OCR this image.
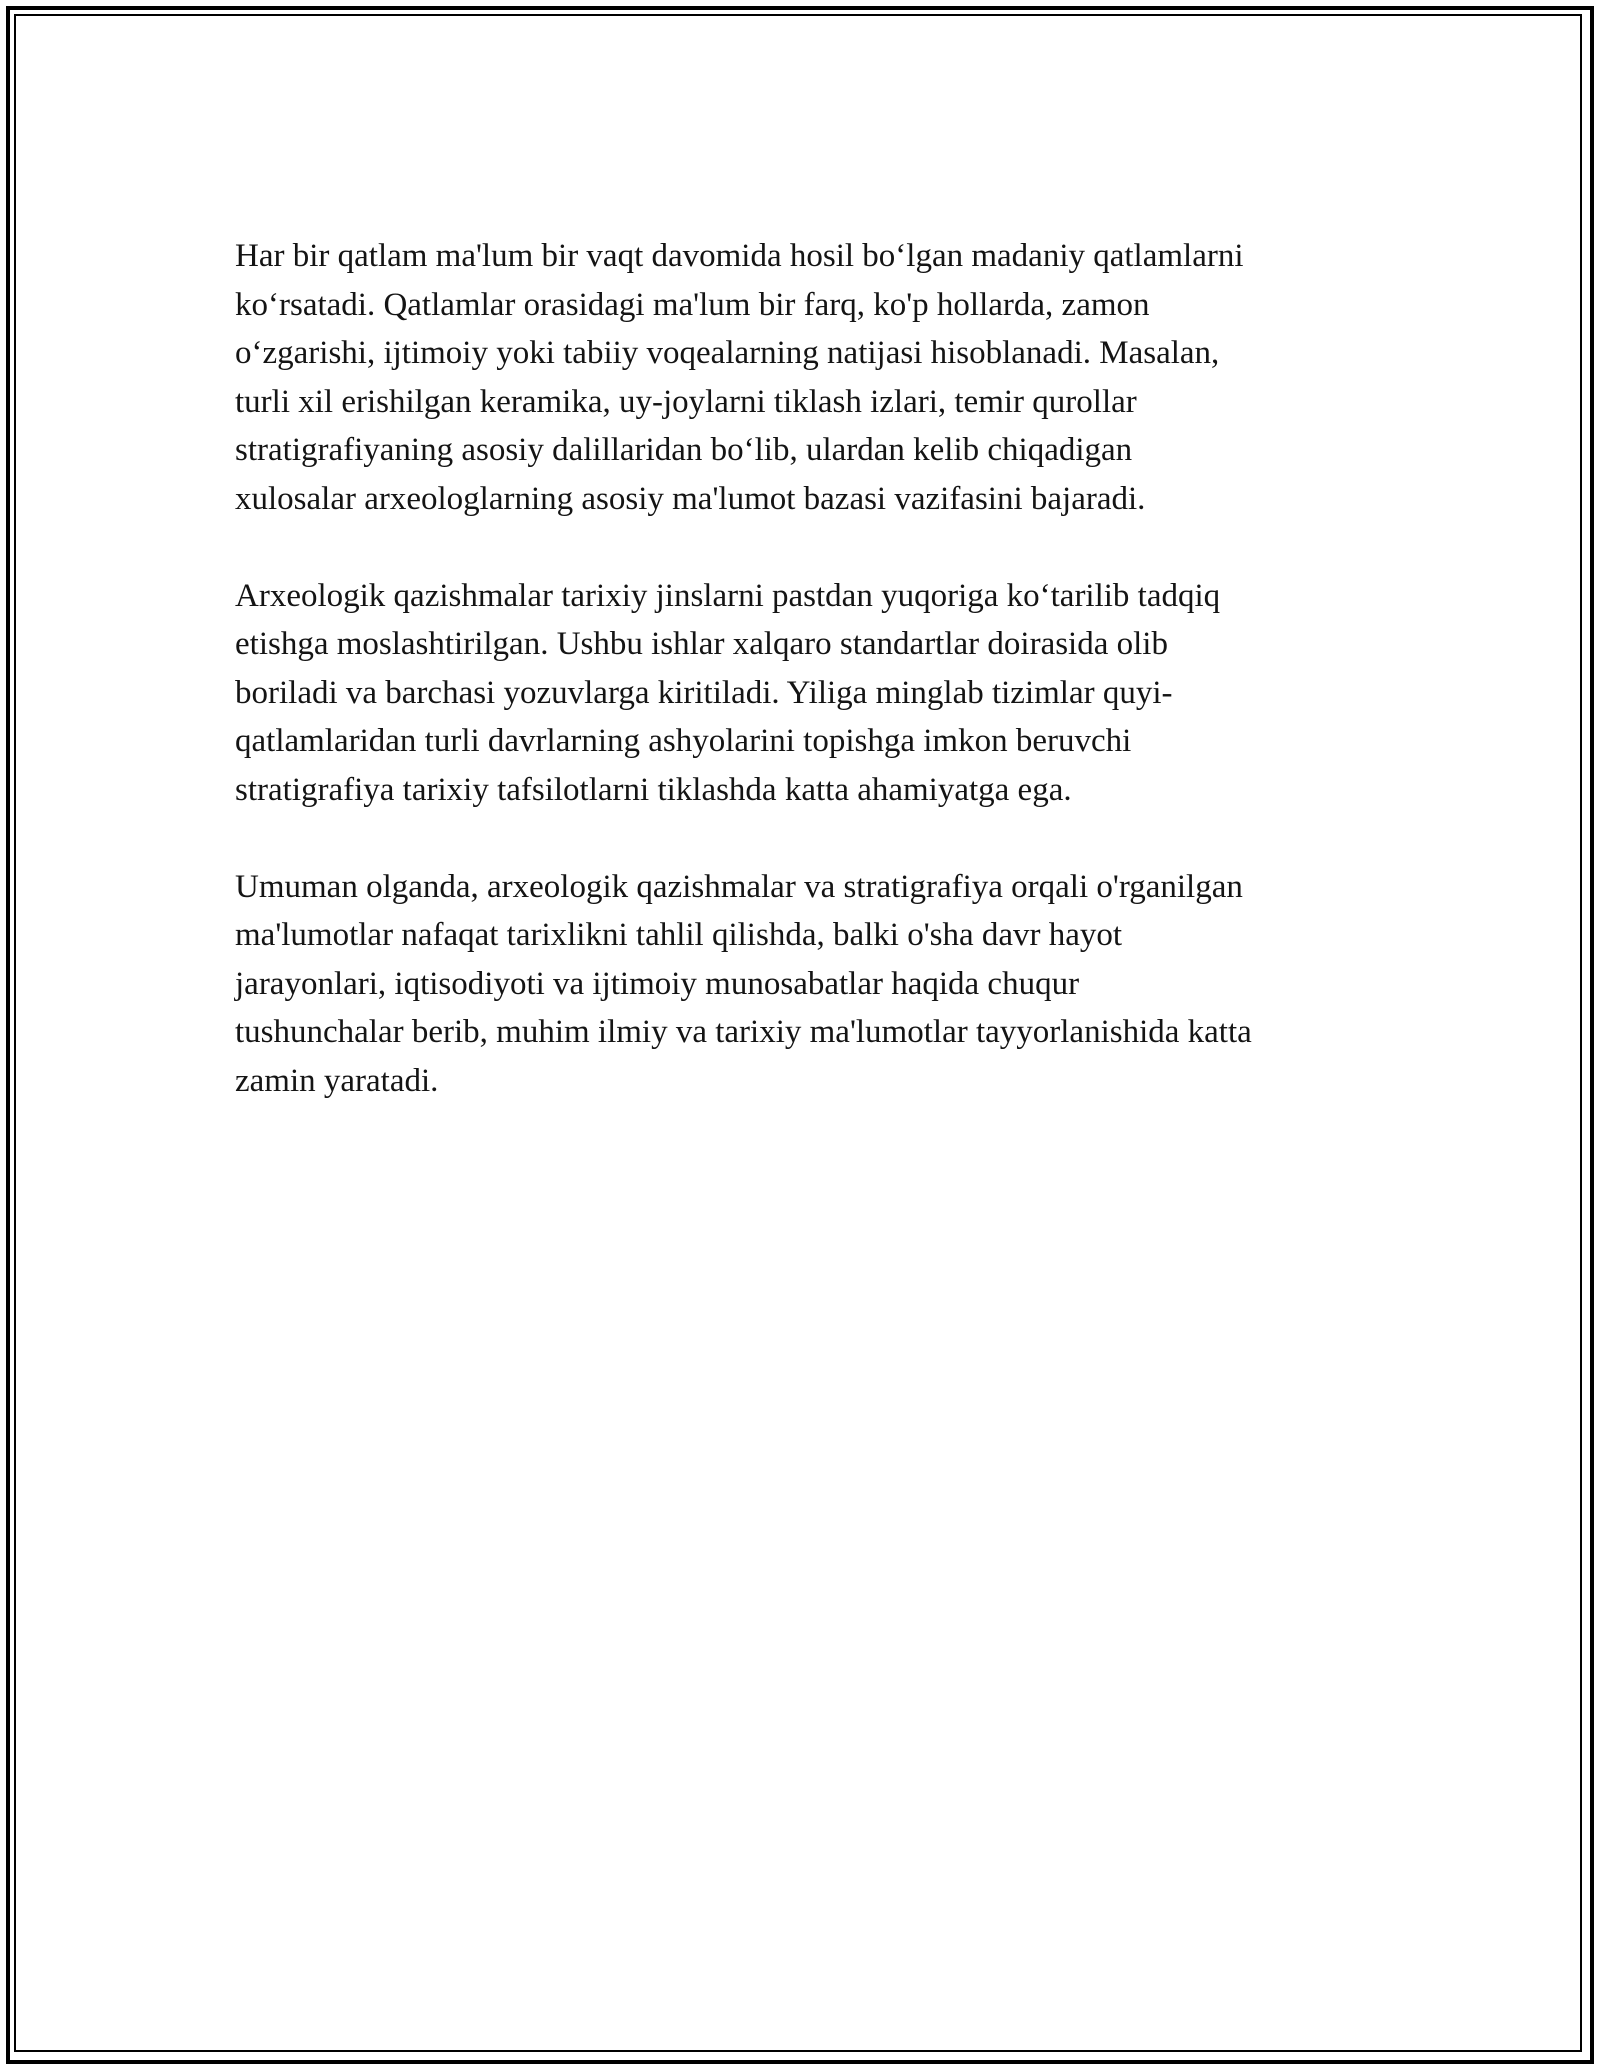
Har bir qatlam ma'lum bir vaqt davomida hosil bo‘lgan madaniy qatlamlarni
ko‘rsatadi. Qatlamlar orasidagi ma'lum bir farq, ko'p hollarda, zamon
o‘zgarishi, ijtimoiy yoki tabiiy voqealarning natijasi hisoblanadi. Masalan,
turli xil erishilgan keramika, uy-joylarni tiklash izlari, temir qurollar
stratigrafiyaning asosiy dalillaridan bo‘lib, ulardan kelib chiqadigan
xulosalar arxeologlarning asosiy ma'lumot bazasi vazifasini bajaradi.

Arxeologik qazishmalar tarixiy jinslarni pastdan yuqoriga ko‘tarilib tadqiq
etishga moslashtirilgan. Ushbu ishlar xalqaro standartlar doirasida olib
boriladi va barchasi yozuvlarga kiritiladi. Yiliga minglab tizimlar quyi-
qatlamlaridan turli davrlarning ashyolarini topishga imkon beruvchi
stratigrafiya tarixiy tafsilotlarni tiklashda katta ahamiyatga ega.

Umuman olganda, arxeologik qazishmalar va stratigrafiya orqali o'rganilgan
ma'lumotlar nafaqat tarixlikni tahlil qilishda, balki o'sha davr hayot
jarayonlari, iqtisodiyoti va ijtimoiy munosabatlar haqida chuqur
tushunchalar berib, muhim ilmiy va tarixiy ma'lumotlar tayyorlanishida katta
zamin yaratadi.
